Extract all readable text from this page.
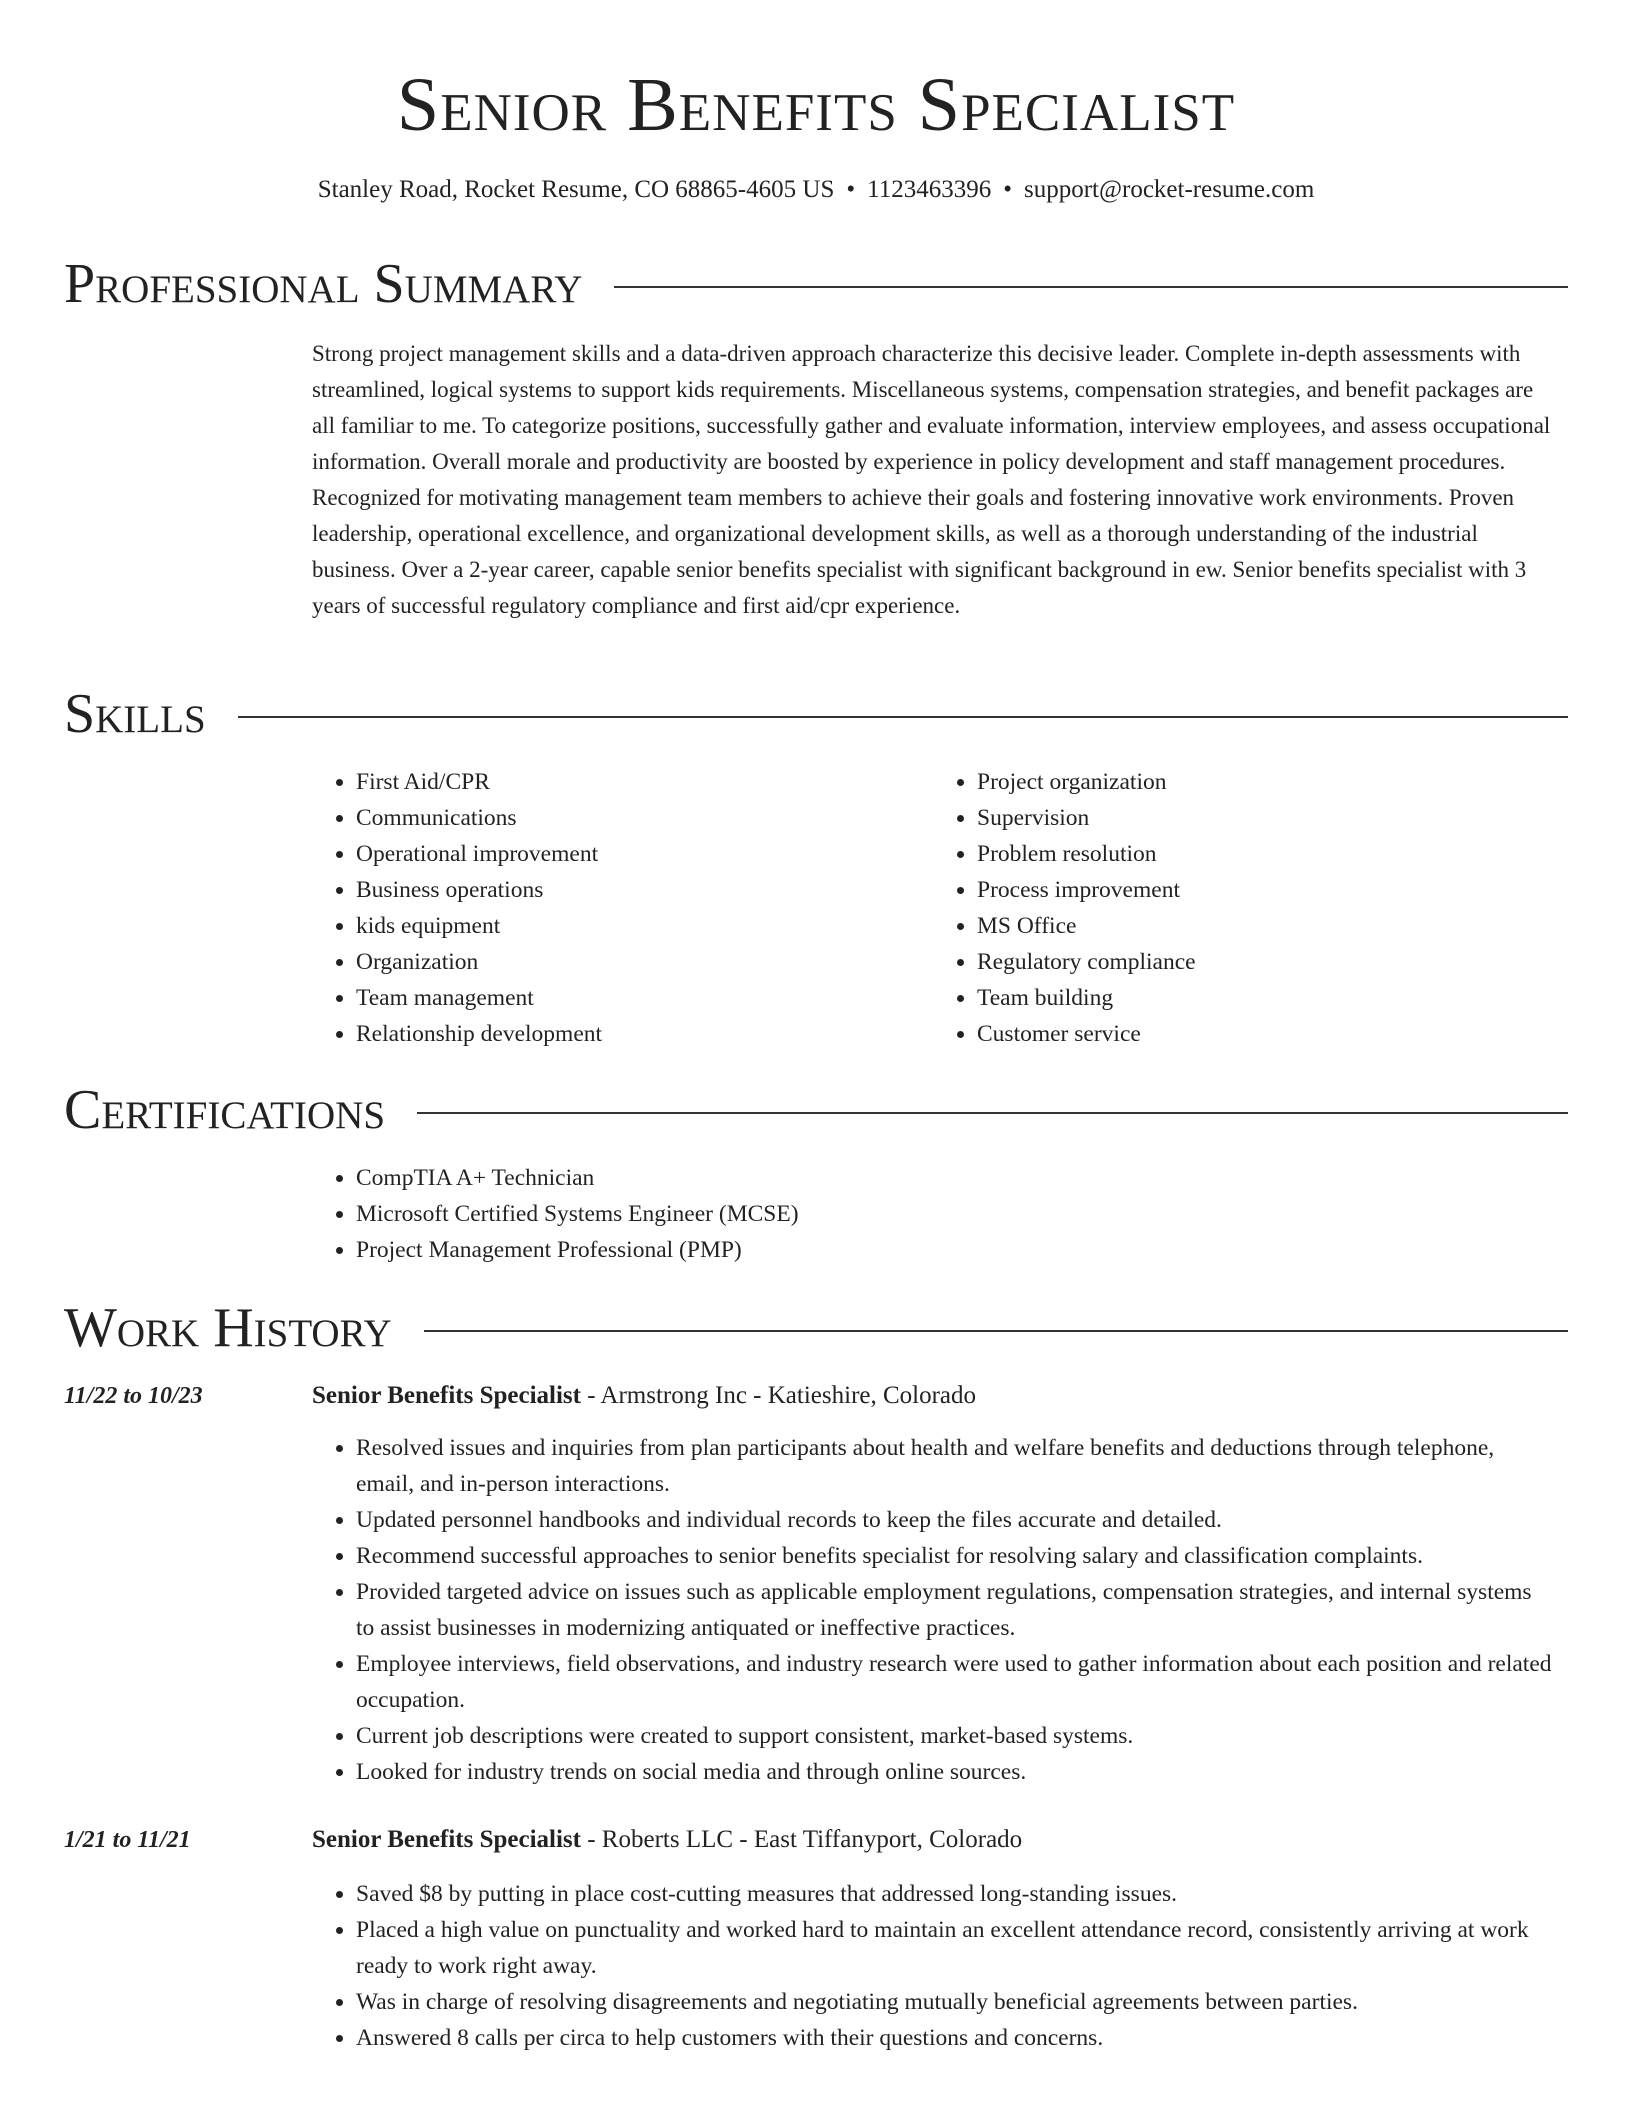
Senior Benefits Specialist
Stanley Road, Rocket Resume, CO 68865-4605 US • 1123463396 • support@rocket-resume.com
Professional Summary

Strong project management skills and a data-driven approach characterize this decisive leader. Complete in-depth assessments with streamlined, logical systems to support kids requirements. Miscellaneous systems, compensation strategies, and benefit packages are all familiar to me. To categorize positions, successfully gather and evaluate information, interview employees, and assess occupational information. Overall morale and productivity are boosted by experience in policy development and staff management procedures. Recognized for motivating management team members to achieve their goals and fostering innovative work environments. Proven leadership, operational excellence, and organizational development skills, as well as a thorough understanding of the industrial business. Over a 2-year career, capable senior benefits specialist with significant background in ew. Senior benefits specialist with 3 years of successful regulatory compliance and first aid/cpr experience.

Skills
• First Aid/CPR
• Communications
• Operational improvement
• Business operations
• kids equipment
• Organization
• Team management
• Relationship development
• Project organization
• Supervision
• Problem resolution
• Process improvement
• MS Office
• Regulatory compliance
• Team building
• Customer service
Certifications
• CompTIA A+ Technician
• Microsoft Certified Systems Engineer (MCSE)
• Project Management Professional (PMP)
Work History
11/22 to 10/23	Senior Benefits Specialist - Armstrong Inc - Katieshire, Colorado
• Resolved issues and inquiries from plan participants about health and welfare benefits and deductions through telephone, email, and in-person interactions.
• Updated personnel handbooks and individual records to keep the files accurate and detailed.
• Recommend successful approaches to senior benefits specialist for resolving salary and classification complaints.
• Provided targeted advice on issues such as applicable employment regulations, compensation strategies, and internal systems to assist businesses in modernizing antiquated or ineffective practices.
• Employee interviews, field observations, and industry research were used to gather information about each position and related occupation.
• Current job descriptions were created to support consistent, market-based systems.
• Looked for industry trends on social media and through online sources.
1/21 to 11/21	Senior Benefits Specialist - Roberts LLC - East Tiffanyport, Colorado
• Saved $8 by putting in place cost-cutting measures that addressed long-standing issues.
• Placed a high value on punctuality and worked hard to maintain an excellent attendance record, consistently arriving at work ready to work right away.
• Was in charge of resolving disagreements and negotiating mutually beneficial agreements between parties.
• Answered 8 calls per circa to help customers with their questions and concerns.
